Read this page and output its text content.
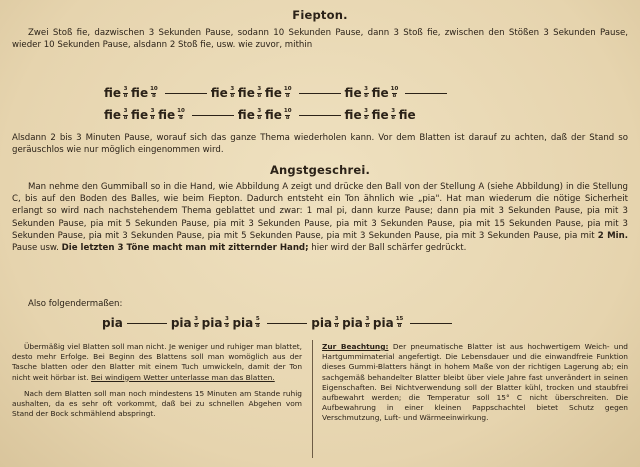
Fiepton.
Zwei Stoß fie, dazwischen 3 Sekunden Pause, sodann 10 Sekunden Pause, dann 3 Stoß fie, zwischen den Stößen 3 Sekunden Pause, wieder 10 Sekunden Pause, alsdann 2 Stoß fie, usw. wie zuvor, mithin
fie $\frac{3}{8}$ fie $\frac{10}{8}$	fie $\frac{3}{8}$ fie $\frac{3}{8}$ fie $\frac{10}{8}$	fie $\frac{3}{8}$ fie $\frac{10}{8}$
fie $\frac{3}{8}$ fie $\frac{3}{8}$ fie $\frac{10}{8}$	fie $\frac{3}{8}$ fie $\frac{10}{8}$	fie $\frac{3}{8}$ fie $\frac{3}{8}$ fie
Alsdann 2 bis 3 Minuten Pause, worauf sich das ganze Thema wiederholen kann. Vor dem Blatten ist darauf zu achten, daß der Stand so geräuschlos wie nur möglich eingenommen wird.
Angstgeschrei.
Man nehme den Gummiball so in die Hand, wie Abbildung A zeigt und drücke den Ball von der Stellung A (siehe Abbildung) in die Stellung C, bis auf den Boden des Balles, wie beim Fiepton. Dadurch entsteht ein Ton ähnlich wie „pia". Hat man wiederum die nötige Sicherheit erlangt so wird nach nachstehendem Thema geblattet und zwar: 1 mal pi, dann kurze Pause; dann pia mit 3 Sekunden Pause, pia mit 3 Sekunden Pause, pia mit 5 Sekunden Pause, pia mit 3 Sekunden Pause, pia mit 3 Sekunden Pause, pia mit 15 Sekunden Pause, pia mit 3 Sekunden Pause, pia mit 3 Sekunden Pause, pia mit 5 Sekunden Pause, pia mit 3 Sekunden Pause, pia mit 3 Sekunden Pause, pia mit 2 Min. Pause usw. Die letzten 3 Töne macht man mit zitternder Hand; hier wird der Ball schärfer gedrückt.
Also folgendermaßen:
pia	pia $\frac{3}{8}$ pia $\frac{3}{8}$ pia $\frac{5}{8}$	pia $\frac{3}{8}$ pia $\frac{3}{8}$ pia $\frac{15}{8}$

Übermäßig viel Blatten soll man nicht. Je weniger und ruhiger man blattet, desto mehr Erfolge. Bei Beginn des Blattens soll man womöglich aus der Tasche blatten oder den Blatter mit einem Tuch umwickeln, damit der Ton nicht weit hörbar ist. Bei windigem Wetter unterlasse man das Blatten.

Nach dem Blatten soll man noch mindestens 15 Minuten am Stande ruhig aushalten, da es sehr oft vorkommt, daß bei zu schnellen Abgehen vom Stand der Bock schmählend abspringt.

Zur Beachtung: Der pneumatische Blatter ist aus hochwertigem Weich- und Hartgummimaterial angefertigt. Die Lebensdauer und die einwandfreie Funktion dieses Gummi-Blatters hängt in hohem Maße von der richtigen Lagerung ab; ein sachgemäß behandelter Blatter bleibt über viele Jahre fast unverändert in seinen Eigenschaften. Bei Nichtverwendung soll der Blatter kühl, trocken und staubfrei aufbewahrt werden; die Temperatur soll 15° C nicht überschreiten. Die Aufbewahrung in einer kleinen Pappschachtel bietet Schutz gegen Verschmutzung, Luft- und Wärmeeinwirkung.
